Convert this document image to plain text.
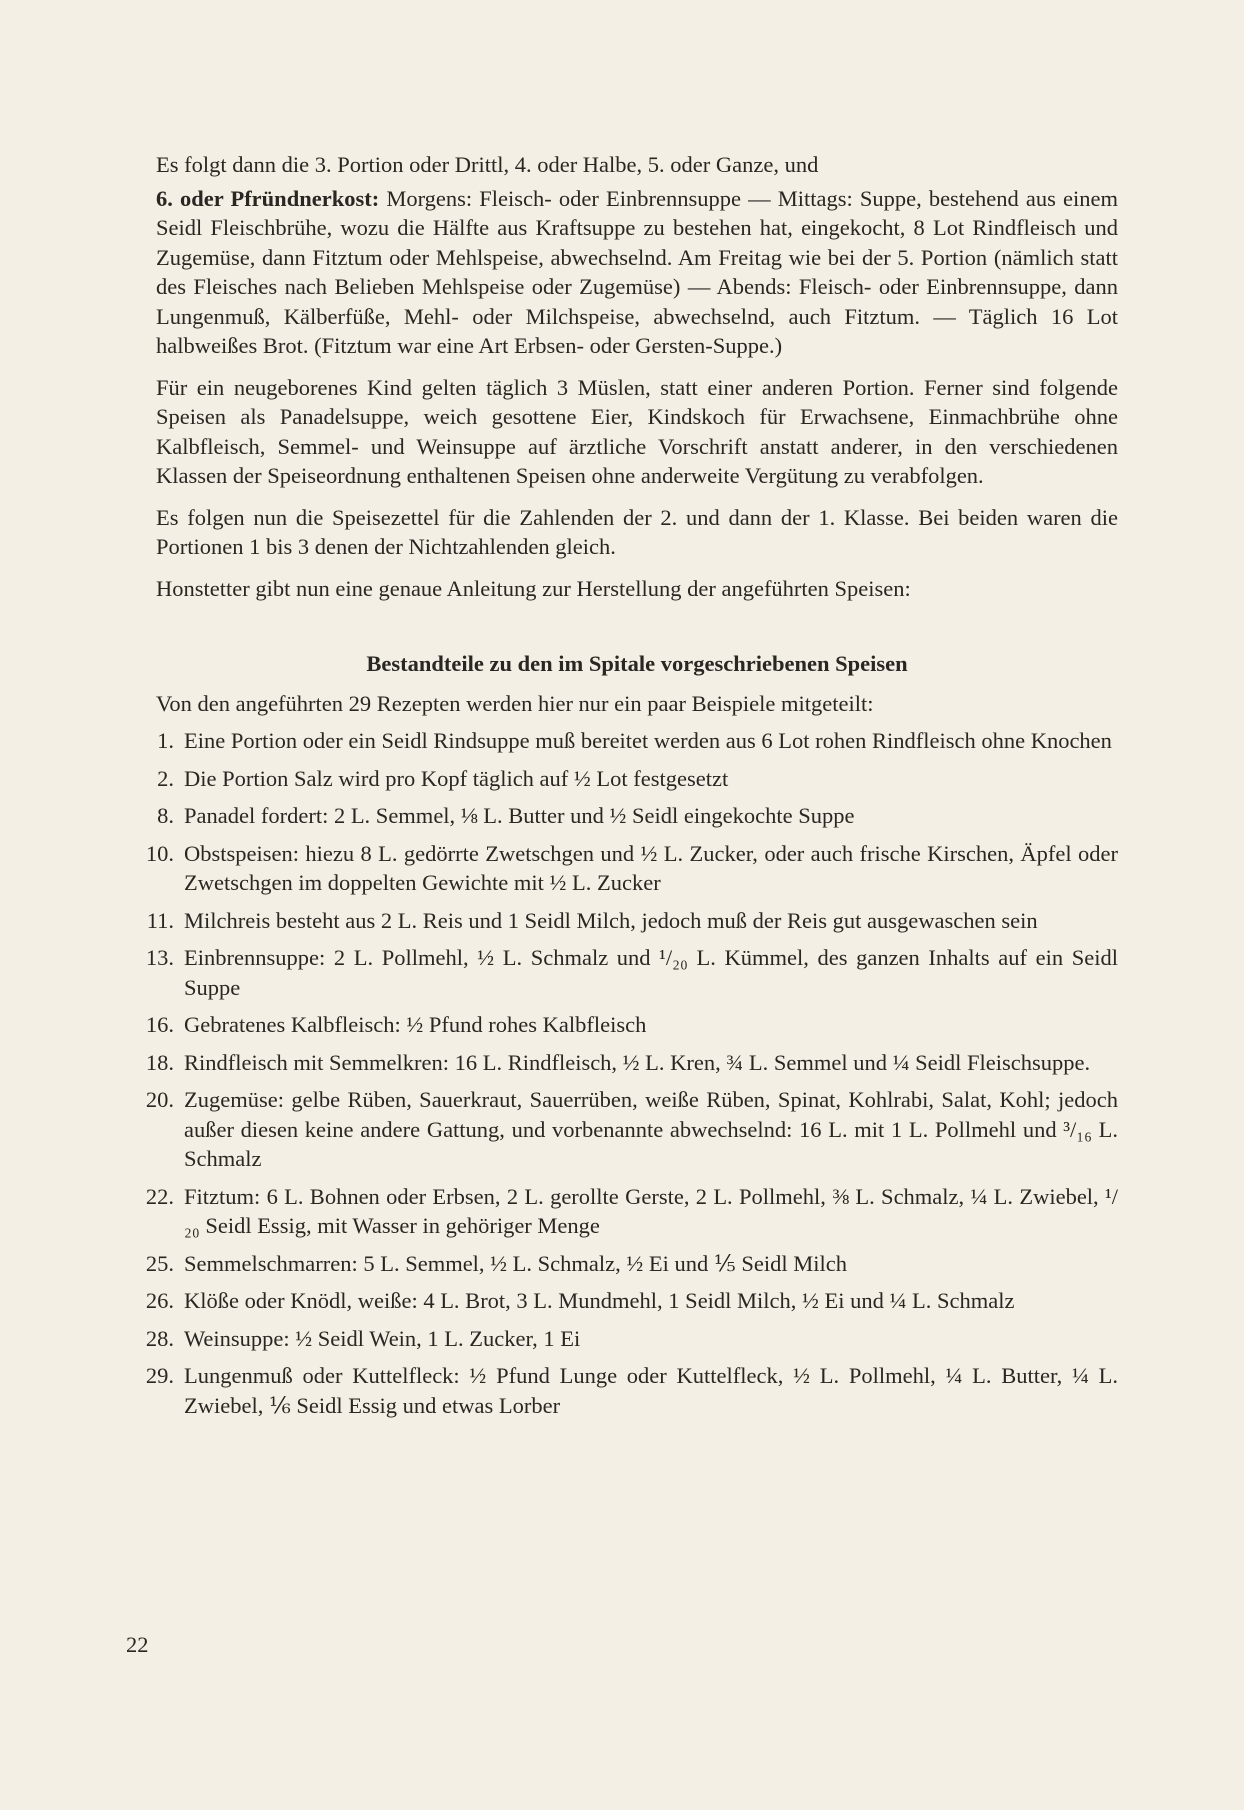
Es folgt dann die 3. Portion oder Drittl, 4. oder Halbe, 5. oder Ganze, und

6. oder Pfründnerkost: Morgens: Fleisch- oder Einbrennsuppe — Mittags: Suppe, bestehend aus einem Seidl Fleischbrühe, wozu die Hälfte aus Kraftsuppe zu bestehen hat, eingekocht, 8 Lot Rindfleisch und Zugemüse, dann Fitztum oder Mehlspeise, abwechselnd. Am Freitag wie bei der 5. Portion (nämlich statt des Fleisches nach Belieben Mehlspeise oder Zugemüse) — Abends: Fleisch- oder Einbrennsuppe, dann Lungenmuß, Kälberfüße, Mehl- oder Milchspeise, abwechselnd, auch Fitztum. — Täglich 16 Lot halbweißes Brot. (Fitztum war eine Art Erbsen- oder Gersten-Suppe.)

Für ein neugeborenes Kind gelten täglich 3 Müslen, statt einer anderen Portion. Ferner sind folgende Speisen als Panadelsuppe, weich gesottene Eier, Kindskoch für Erwachsene, Einmachbrühe ohne Kalbfleisch, Semmel- und Weinsuppe auf ärztliche Vorschrift anstatt anderer, in den verschiedenen Klassen der Speiseordnung enthaltenen Speisen ohne anderweite Vergütung zu verabfolgen.

Es folgen nun die Speisezettel für die Zahlenden der 2. und dann der 1. Klasse. Bei beiden waren die Portionen 1 bis 3 denen der Nichtzahlenden gleich.

Honstetter gibt nun eine genaue Anleitung zur Herstellung der angeführten Speisen:

Bestandteile zu den im Spitale vorgeschriebenen Speisen

Von den angeführten 29 Rezepten werden hier nur ein paar Beispiele mitgeteilt:

1. Eine Portion oder ein Seidl Rindsuppe muß bereitet werden aus 6 Lot rohen Rindfleisch ohne Knochen
2. Die Portion Salz wird pro Kopf täglich auf ½ Lot festgesetzt
8. Panadel fordert: 2 L. Semmel, ⅛ L. Butter und ½ Seidl eingekochte Suppe
10. Obstspeisen: hiezu 8 L. gedörrte Zwetschgen und ½ L. Zucker, oder auch frische Kirschen, Äpfel oder Zwetschgen im doppelten Gewichte mit ½ L. Zucker
11. Milchreis besteht aus 2 L. Reis und 1 Seidl Milch, jedoch muß der Reis gut ausgewaschen sein
13. Einbrennsuppe: 2 L. Pollmehl, ½ L. Schmalz und ¹/₂₀ L. Kümmel, des ganzen Inhalts auf ein Seidl Suppe
16. Gebratenes Kalbfleisch: ½ Pfund rohes Kalbfleisch
18. Rindfleisch mit Semmelkren: 16 L. Rindfleisch, ½ L. Kren, ¾ L. Semmel und ¼ Seidl Fleischsuppe.
20. Zugemüse: gelbe Rüben, Sauerkraut, Sauerrüben, weiße Rüben, Spinat, Kohlrabi, Salat, Kohl; jedoch außer diesen keine andere Gattung, und vorbenannte abwechselnd: 16 L. mit 1 L. Pollmehl und ³/₁₆ L. Schmalz
22. Fitztum: 6 L. Bohnen oder Erbsen, 2 L. gerollte Gerste, 2 L. Pollmehl, ⅜ L. Schmalz, ¼ L. Zwiebel, ¹/₂₀ Seidl Essig, mit Wasser in gehöriger Menge
25. Semmelschmarren: 5 L. Semmel, ½ L. Schmalz, ½ Ei und ⅕ Seidl Milch
26. Klöße oder Knödl, weiße: 4 L. Brot, 3 L. Mundmehl, 1 Seidl Milch, ½ Ei und ¼ L. Schmalz
28. Weinsuppe: ½ Seidl Wein, 1 L. Zucker, 1 Ei
29. Lungenmuß oder Kuttelfleck: ½ Pfund Lunge oder Kuttelfleck, ½ L. Pollmehl, ¼ L. Butter, ¼ L. Zwiebel, ⅙ Seidl Essig und etwas Lorber
22
